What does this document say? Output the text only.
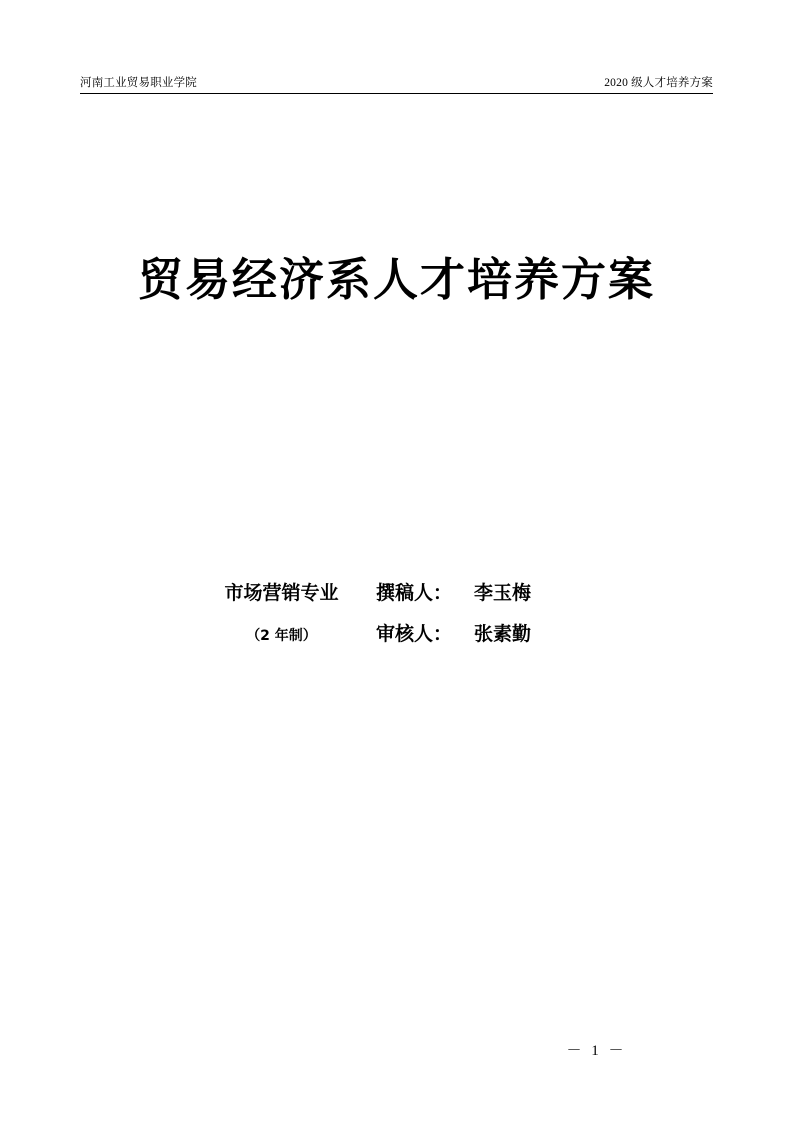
河南工业贸易职业学院	2020 级人才培养方案
贸易经济系人才培养方案
市场营销专业	撰稿人：	李玉梅
（2 年制）	审核人：	张素勤
－ 1 －
